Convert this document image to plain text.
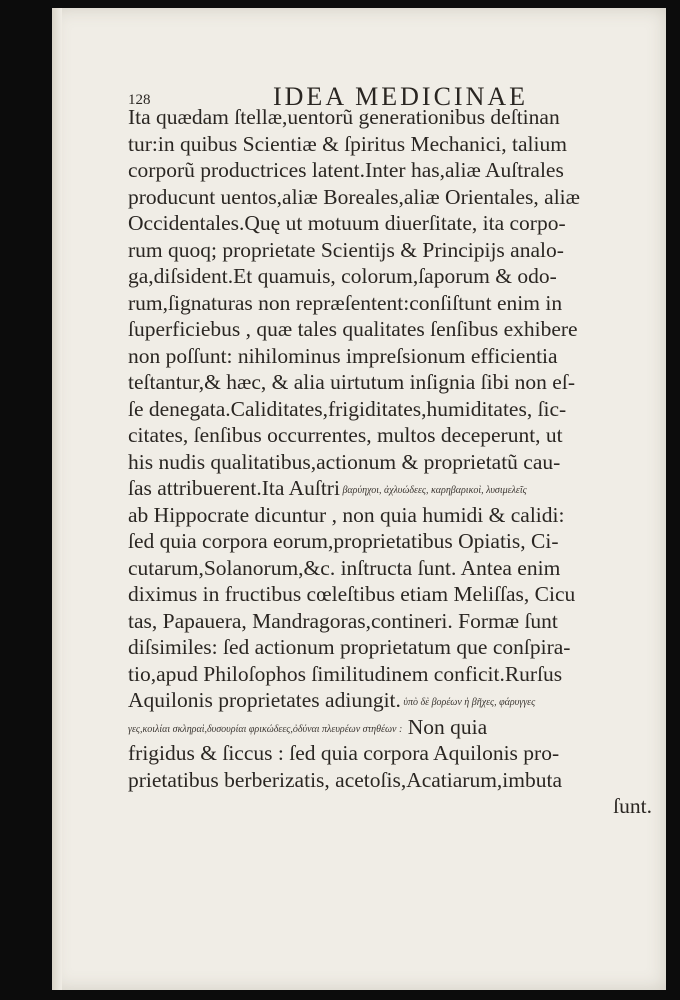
128	IDEA MEDICINAE
Ita quædam ſtellæ,uentorũ generationibus deſtinan
tur:in quibus Scientiæ & ſpiritus Mechanici, talium
corporũ productrices latent.Inter has,aliæ Auſtrales
producunt uentos,aliæ Boreales,aliæ Orientales, aliæ
Occidentales.Quę ut motuum diuerſitate, ita corpo-
rum quoq; proprietate Scientijs & Principijs analo-
ga,diſsident.Et quamuis, colorum,ſaporum & odo-
rum,ſignaturas non repræſentent:conſiſtunt enim in
ſuperficiebus , quæ tales qualitates ſenſibus exhibere
non poſſunt: nihilominus impreſsionum efficientia
teſtantur,& hæc, & alia uirtutum inſignia ſibi non eſ-
ſe denegata.Caliditates,frigiditates,humiditates, ſic-
citates, ſenſibus occurrentes, multos deceperunt, ut
his nudis qualitatibus,actionum & proprietatũ cau-
ſas attribuerent.Ita Auſtri βαρύηχοι, ἀχλυώδεες, καρηβαρικοὶ, λυσιμελεῖς
ab Hippocrate dicuntur , non quia humidi & calidi:
ſed quia corpora eorum,proprietatibus Opiatis, Ci-
cutarum,Solanorum,&c. inſtructa ſunt. Antea enim
diximus in fructibus cœleſtibus etiam Meliſſas, Cicu
tas, Papauera, Mandragoras,contineri. Formæ ſunt
diſsimiles: ſed actionum proprietatum que conſpira-
tio,apud Philoſophos ſimilitudinem conficit.Rurſus
Aquilonis proprietates adiungit. ὑπὸ δὲ βορέων ἡ βῆχες, φάρυγγες
γες,κοιλίαι σκληραὶ,δυσουρίαι φρικώδεες,ὀδύναι πλευρέων στηθέων : Non quia
frigidus & ſiccus : ſed quia corpora Aquilonis pro-
prietatibus berberizatis, acetoſis,Acatiarum,imbuta
ſunt.
